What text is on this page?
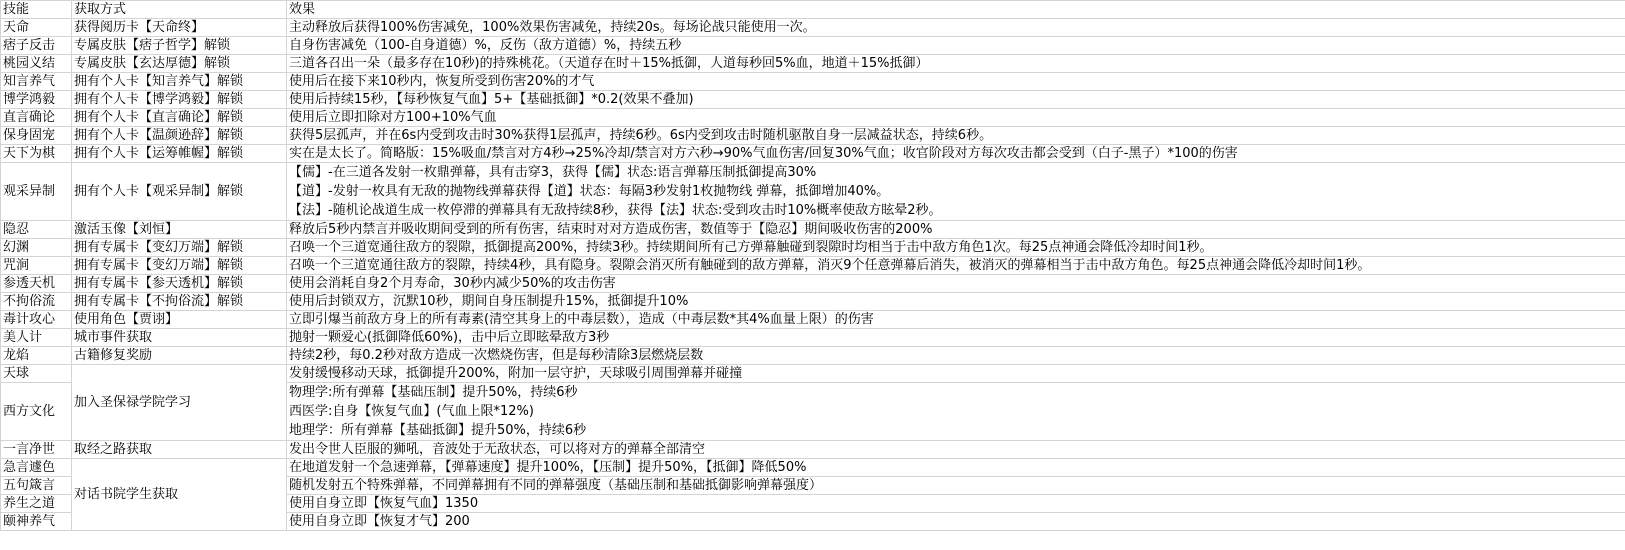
技能	获取方式	效果
天命	获得阅历卡【天命终】	主动释放后获得100%伤害减免，100%效果伤害减免，持续20s。每场论战只能使用一次。
痞子反击	专属皮肤【痞子哲学】解锁	自身伤害减免（100-自身道德）%，反伤（敌方道德）%，持续五秒
桃园义结	专属皮肤【玄达厚德】解锁	三道各召出一朵（最多存在10秒)的持殊桃花。（天道存在时＋15%抵御，人道每秒回5%血，地道＋15%抵御）
知言养气	拥有个人卡【知言养气】解锁	使用后在接下来10秒内，恢复所受到伤害20%的才气
博学鸿毅	拥有个人卡【博学鸿毅】解锁	使用后持续15秒，【每秒恢复气血】5+【基础抵御】*0.2(效果不叠加)
直言确论	拥有个人卡【直言确论】解锁	使用后立即扣除对方100+10%气血
保身固宠	拥有个人卡【温颜逊辞】解锁	获得5层孤声，并在6s内受到攻击时30%获得1层孤声，持续6秒。6s内受到攻击时随机驱散自身一层减益状态，持续6秒。
天下为棋	拥有个人卡【运筹帷幄】解锁	实在是太长了。简略版：15%吸血/禁言对方4秒→25%冷却/禁言对方六秒→90%气血伤害/回复30%气血；收官阶段对方每次攻击都会受到（白子-黑子）*100的伤害
观采异制	拥有个人卡【观采异制】解锁	【儒】-在三道各发射一枚鼎弹幕，具有击穿3，获得【儒】状态:语言弹幕压制抵御提高30%
【道】-发射一枚具有无敌的抛物线弹幕获得【道】状态：每隔3秒发射1枚抛物线 弹幕，抵御增加40%。
【法】-随机论战道生成一枚停滞的弹幕具有无敌持续8秒，获得【法】状态:受到攻击时10%概率使敌方眩晕2秒。

隐忍	激活玉像【刘恒】	释放后5秒内禁言并吸收期间受到的所有伤害，结束时对对方造成伤害，数值等于【隐忍】期间吸收伤害的200%
幻渊	拥有专属卡【变幻万端】解锁	召唤一个三道宽通往敌方的裂隙，抵御提高200%，持续3秒。持续期间所有己方弹幕触碰到裂隙时均相当于击中敌方角色1次。每25点神通会降低冷却时间1秒。
咒涧	拥有专属卡【变幻万端】解锁	召唤一个三道宽通往敌方的裂隙，持续4秒，具有隐身。裂隙会消灭所有触碰到的敌方弹幕，消灭9个任意弹幕后消失，被消灭的弹幕相当于击中敌方角色。每25点神通会降低冷却时间1秒。
参透天机	拥有专属卡【参天透机】解锁	使用会消耗自身2个月寿命，30秒内减少50%的攻击伤害
不拘俗流	拥有专属卡【不拘俗流】解锁	使用后封锁双方，沉默10秒，期间自身压制提升15%，抵御提升10%
毒计攻心	使用角色【贾诩】	立即引爆当前敌方身上的所有毒素(清空其身上的中毒层数），造成（中毒层数*其4%血量上限）的伤害
美人计	城市事件获取	抛射一颗爱心(抵御降低60%)，击中后立即眩晕敌方3秒
龙焰	古籍修复奖励	持续2秒，每0.2秒对敌方造成一次燃烧伤害，但是每秒清除3层燃烧层数
天球	加入圣保禄学院学习	发射缓慢移动天球，抵御提升200%，附加一层守护，天球吸引周围弹幕并碰撞
西方文化		物理学:所有弹幕【基础压制】提升50%，持续6秒
西医学:自身【恢复气血】(气血上限*12%)
地理学：所有弹幕【基础抵御】提升50%，持续6秒

一言净世	取经之路获取	发出令世人臣服的狮吼，音波处于无敌状态，可以将对方的弹幕全部清空
急言遽色	对话书院学生获取	在地道发射一个急速弹幕，【弹幕速度】提升100%，【压制】提升50%，【抵御】降低50%
五句箴言		随机发射五个特殊弹幕，不同弹幕拥有不同的弹幕强度（基础压制和基础抵御影响弹幕强度）
养生之道		使用自身立即【恢复气血】1350
颐神养气		使用自身立即【恢复才气】200
